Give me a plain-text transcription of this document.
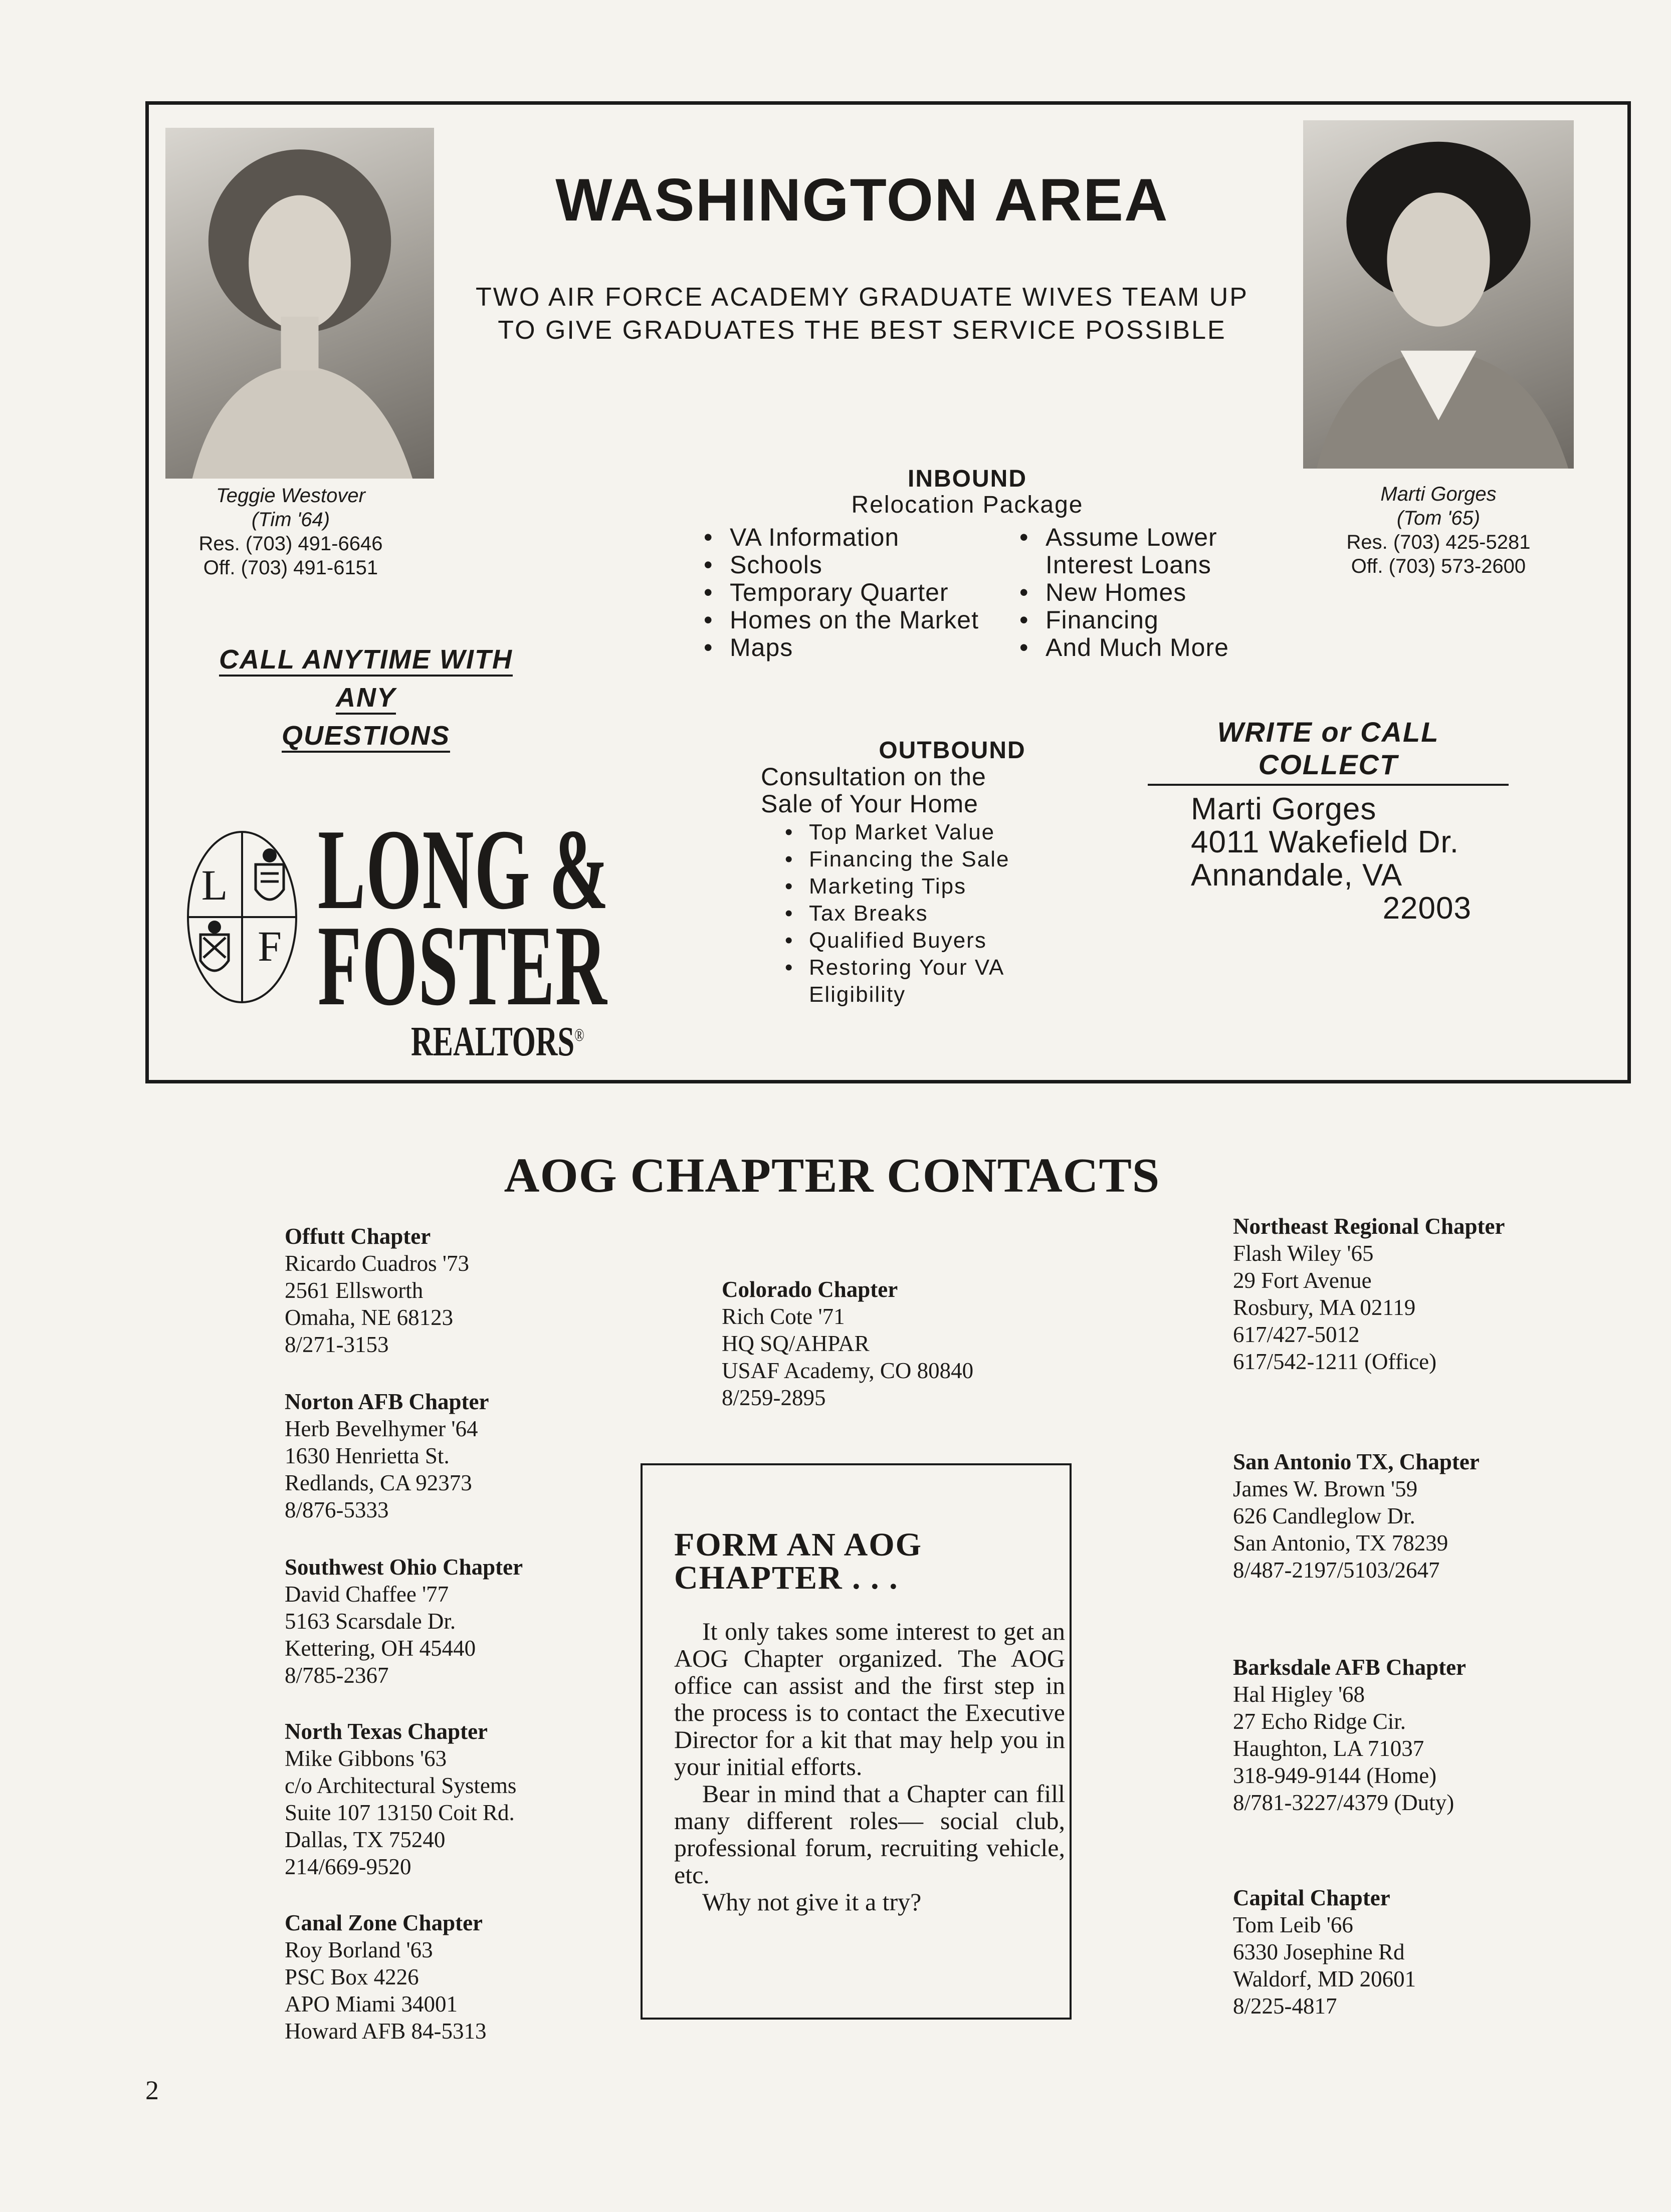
WASHINGTON AREA
TWO AIR FORCE ACADEMY GRADUATE WIVES TEAM UP
TO GIVE GRADUATES THE BEST SERVICE POSSIBLE
Teggie Westover
(Tim '64)
Res. (703) 491-6646
Off. (703) 491-6151
Marti Gorges
(Tom '65)
Res. (703) 425-5281
Off. (703) 573-2600
CALL ANYTIME WITH ANY
QUESTIONS
INBOUND
Relocation Package
• VA Information
• Schools
• Temporary Quarter
• Homes on the Market
• Maps
• Assume Lower
Interest Loans
• New Homes
• Financing
• And Much More
OUTBOUND
Consultation on the
Sale of Your Home
• Top Market Value
• Financing the Sale
• Marketing Tips
• Tax Breaks
• Qualified Buyers
• Restoring Your VA
Eligibility
WRITE or CALL COLLECT
Marti Gorges
4011 Wakefield Dr.
Annandale, VA
22003
L
F
LONG &
FOSTER
REALTORS®
AOG CHAPTER CONTACTS
Offutt Chapter
Ricardo Cuadros '73
2561 Ellsworth
Omaha, NE 68123
8/271-3153
Norton AFB Chapter
Herb Bevelhymer '64
1630 Henrietta St.
Redlands, CA 92373
8/876-5333
Southwest Ohio Chapter
David Chaffee '77
5163 Scarsdale Dr.
Kettering, OH 45440
8/785-2367
North Texas Chapter
Mike Gibbons '63
c/o Architectural Systems
Suite 107 13150 Coit Rd.
Dallas, TX 75240
214/669-9520
Canal Zone Chapter
Roy Borland '63
PSC Box 4226
APO Miami 34001
Howard AFB 84-5313
Colorado Chapter
Rich Cote '71
HQ SQ/AHPAR
USAF Academy, CO 80840
8/259-2895
FORM AN AOG
CHAPTER . . .

It only takes some interest to get an AOG Chapter organized. The AOG office can assist and the first step in the process is to contact the Executive Director for a kit that may help you in your initial efforts.

Bear in mind that a Chapter can fill many different roles— social club, professional forum, recruiting vehicle, etc.

Why not give it a try?

Northeast Regional Chapter
Flash Wiley '65
29 Fort Avenue
Rosbury, MA 02119
617/427-5012
617/542-1211 (Office)
San Antonio TX, Chapter
James W. Brown '59
626 Candleglow Dr.
San Antonio, TX 78239
8/487-2197/5103/2647
Barksdale AFB Chapter
Hal Higley '68
27 Echo Ridge Cir.
Haughton, LA 71037
318-949-9144 (Home)
8/781-3227/4379 (Duty)
Capital Chapter
Tom Leib '66
6330 Josephine Rd
Waldorf, MD 20601
8/225-4817
2
